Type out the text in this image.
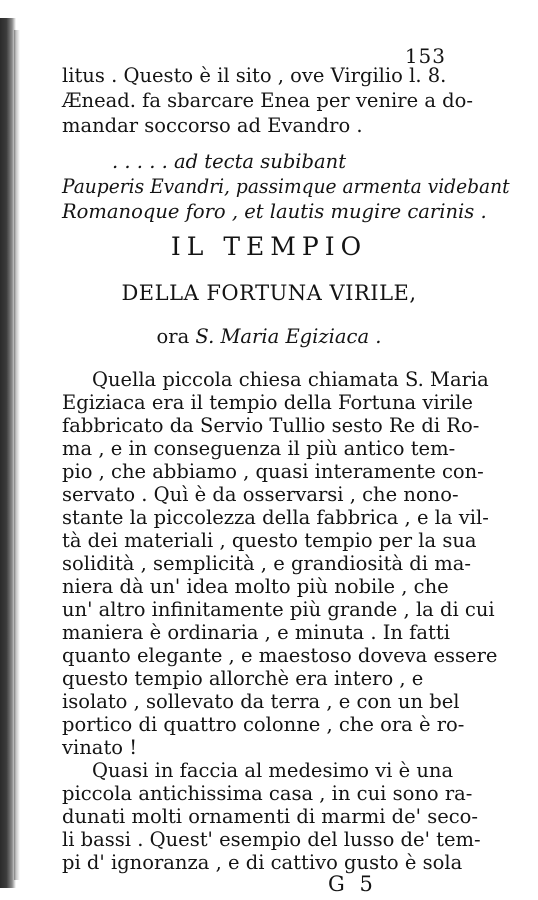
153
litus . Questo è il sito , ove Virgilio l. 8.
Ænead. fa sbarcare Enea per venire a do-
mandar soccorso ad Evandro .
. . . . . ad tecta subibant
Pauperis Evandri, passimque armenta videbant
Romanoque foro , et lautis mugire carinis .
IL TEMPIO
DELLA FORTUNA VIRILE,
ora S. Maria Egiziaca .
Quella piccola chiesa chiamata S. Maria
Egiziaca era il tempio della Fortuna virile
fabbricato da Servio Tullio sesto Re di Ro-
ma , e in conseguenza il più antico tem-
pio , che abbiamo , quasi interamente con-
servato . Quì è da osservarsi , che nono-
stante la piccolezza della fabbrica , e la vil-
tà dei materiali , questo tempio per la sua
solidità , semplicità , e grandiosità di ma-
niera dà un' idea molto più nobile , che
un' altro infinitamente più grande , la di cui
maniera è ordinaria , e minuta . In fatti
quanto elegante , e maestoso doveva essere
questo tempio allorchè era intero , e
isolato , sollevato da terra , e con un bel
portico di quattro colonne , che ora è ro-
vinato !
Quasi in faccia al medesimo vi è una
piccola antichissima casa , in cui sono ra-
dunati molti ornamenti di marmi de' seco-
li bassi . Quest' esempio del lusso de' tem-
pi d' ignoranza , e di cattivo gusto è sola
G 5
